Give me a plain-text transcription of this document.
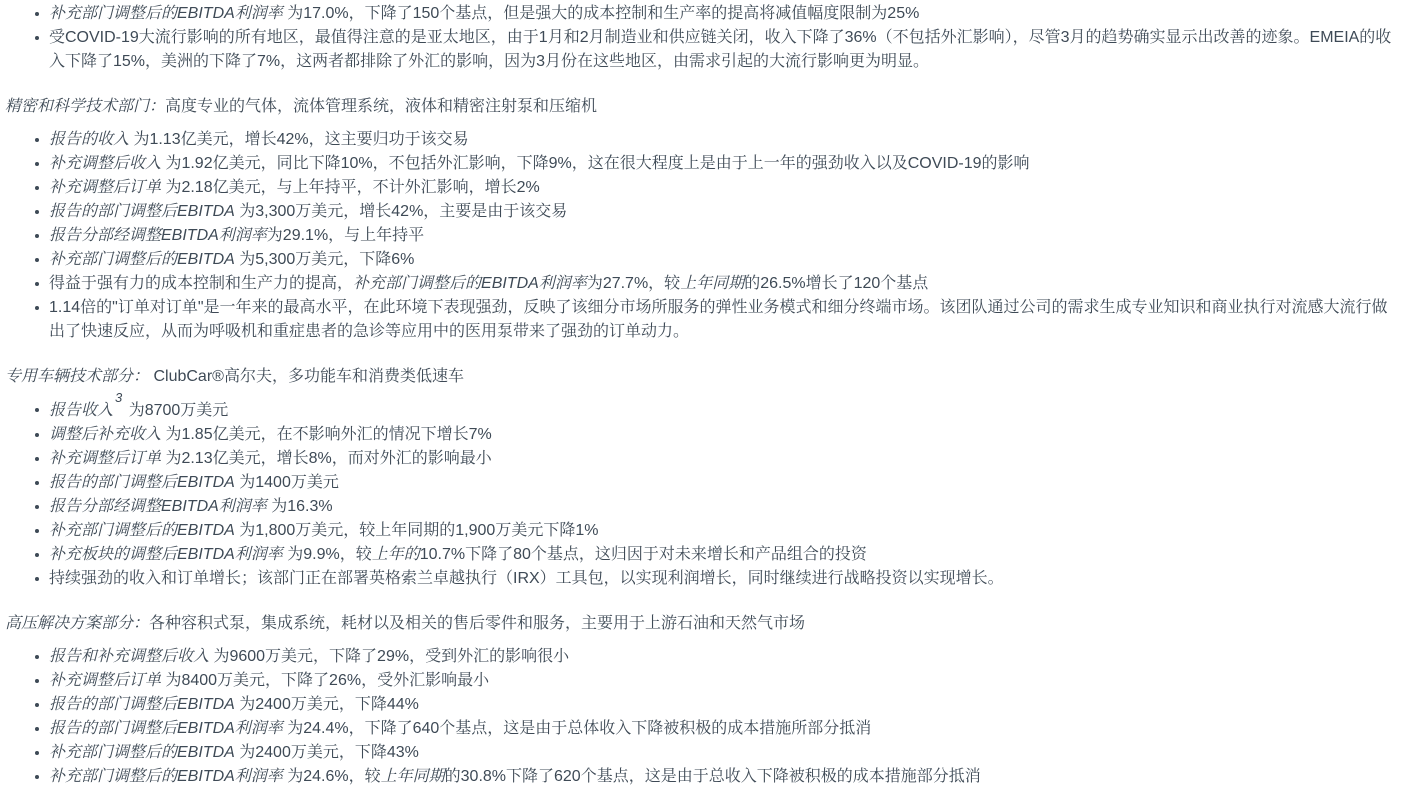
补充部门调整后的EBITDA利润率 为17.0%，下降了150个基点，但是强大的成本控制和生产率的提高将减值幅度限制为25%
受COVID-19大流行影响的所有地区，最值得注意的是亚太地区，由于1月和2月制造业和供应链关闭，收入下降了36%（不包括外汇影响），尽管3月的趋势确实显示出改善的迹象。EMEIA的收入下降了15%，美洲的下降了7%，这两者都排除了外汇的影响，因为3月份在这些地区，由需求引起的大流行影响更为明显。

精密和科学技术部门：高度专业的气体，流体管理系统，液体和精密注射泵和压缩机

报告的收入 为1.13亿美元，增长42%，这主要归功于该交易
补充调整后收入 为1.92亿美元，同比下降10%，不包括外汇影响，下降9%，这在很大程度上是由于上一年的强劲收入以及COVID-19的影响
补充调整后订单 为2.18亿美元，与上年持平，不计外汇影响，增长2%
报告的部门调整后EBITDA 为3,300万美元，增长42%，主要是由于该交易
报告分部经调整EBITDA利润率为29.1%，与上年持平
补充部门调整后的EBITDA 为5,300万美元，下降6%
得益于强有力的成本控制和生产力的提高，补充部门调整后的EBITDA利润率为27.7%，较上年同期的26.5%增长了120个基点
1.14倍的"订单对订单"是一年来的最高水平，在此环境下表现强劲，反映了该细分市场所服务的弹性业务模式和细分终端市场。该团队通过公司的需求生成专业知识和商业执行对流感大流行做出了快速反应，从而为呼吸机和重症患者的急诊等应用中的医用泵带来了强劲的订单动力。

专用车辆技术部分： ClubCar®高尔夫，多功能车和消费类低速车

报告收入$^3$ 为8700万美元
调整后补充收入 为1.85亿美元，在不影响外汇的情况下增长7%
补充调整后订单 为2.13亿美元，增长8%，而对外汇的影响最小
报告的部门调整后EBITDA 为1400万美元
报告分部经调整EBITDA利润率 为16.3%
补充部门调整后的EBITDA 为1,800万美元，较上年同期的1,900万美元下降1%
补充板块的调整后EBITDA利润率 为9.9%，较上年的10.7%下降了80个基点，这归因于对未来增长和产品组合的投资
持续强劲的收入和订单增长；该部门正在部署英格索兰卓越执行（IRX）工具包，以实现利润增长，同时继续进行战略投资以实现增长。

高压解决方案部分：各种容积式泵，集成系统，耗材以及相关的售后零件和服务，主要用于上游石油和天然气市场

报告和补充调整后收入 为9600万美元，下降了29%，受到外汇的影响很小
补充调整后订单 为8400万美元，下降了26%，受外汇影响最小
报告的部门调整后EBITDA 为2400万美元，下降44%
报告的部门调整后EBITDA利润率 为24.4%，下降了640个基点，这是由于总体收入下降被积极的成本措施所部分抵消
补充部门调整后的EBITDA 为2400万美元，下降43%
补充部门调整后的EBITDA利润率 为24.6%，较上年同期的30.8%下降了620个基点，这是由于总收入下降被积极的成本措施部分抵消
